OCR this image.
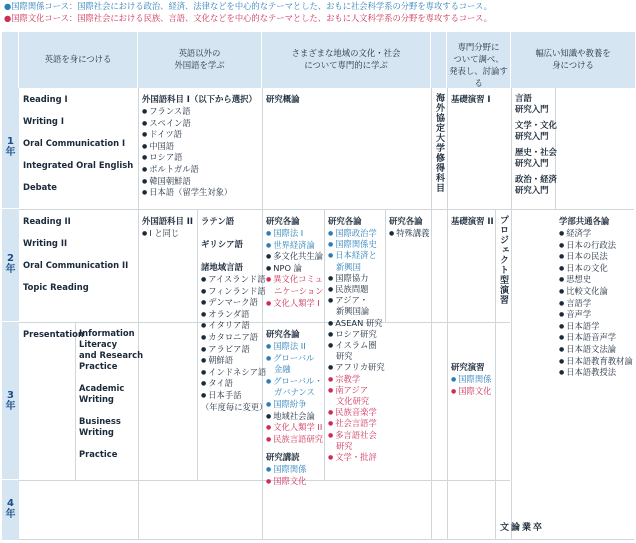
●国際関係コース：国際社会における政治、経済、法律などを中心的なテーマとした、おもに社会科学系の分野を専攻するコース。
●国際文化コース：国際社会における民族、言語、文化などを中心的なテーマとした、おもに人文科学系の分野を専攻するコース。
英語を身につける
英語以外の
外国語を学ぶ
さまざまな地域の文化・社会
について専門的に学ぶ
専門分野に
ついて調べ、
発表し、討論する
幅広い知識や教養を
身につける
1
年
2
年
3
年
4
年
Reading I
Writing I
Oral Communication I
Integrated Oral English
Debate
Reading II
Writing II
Oral Communication II
Topic Reading
Presentation
Information
Literacy
and Research
Practice
Academic
Writing
Business
Writing
Practice
外国語科目 I（以下から選択）
● フランス語
● スペイン語
● ドイツ語
● 中国語
● ロシア語
● ポルトガル語
● 韓国朝鮮語
● 日本語（留学生対象）
外国語科目 II
● I と同じ
ラテン語
ギリシア語
諸地域言語
● アイスランド語
● フィンランド語
● デンマーク語
● オランダ語
● イタリア語
● カタロニア語
● アラビア語
● 朝鮮語
● インドネシア語
● タイ語
● 日本手話
（年度毎に変更）
研究概論
研究各論
● 国際法 I
● 世界経済論
● 多文化共生論
● NPO 論
● 異文化コミュ
ニケーション
● 文化人類学 I
研究各論
● 国際法 II
● グローバル
金融
● グローバル・
ガバナンス
● 国際紛争
● 地域社会論
● 文化人類学 II
● 民族言語研究
研究講読
● 国際関係
● 国際文化
研究各論
● 国際政治学
● 国際関係史
● 日本経済と
新興国
● 国際協力
● 民族問題
● アジア・
新興国論
● ASEAN 研究
● ロシア研究
● イスラム圏
研究
● アフリカ研究
● 宗教学
● 南アジア
文化研究
● 民族音楽学
● 社会言語学
● 多言語社会
研究
● 文学・批評
研究各論
● 特殊講義
海外協定大学修得科目 基礎演習 I
基礎演習 II
研究演習
● 国際関係
● 国際文化
プロジェクト型演習
卒業論文
言語
研究入門
文学・文化
研究入門
歴史・社会
研究入門
政治・経済
研究入門
学部共通各論
● 経済学
● 日本の行政法
● 日本の民法
● 日本の文化
● 思想史
● 比較文化論
● 言語学
● 音声学
● 日本語学
● 日本語音声学
● 日本語文法論
● 日本語教育教材論
● 日本語教授法
